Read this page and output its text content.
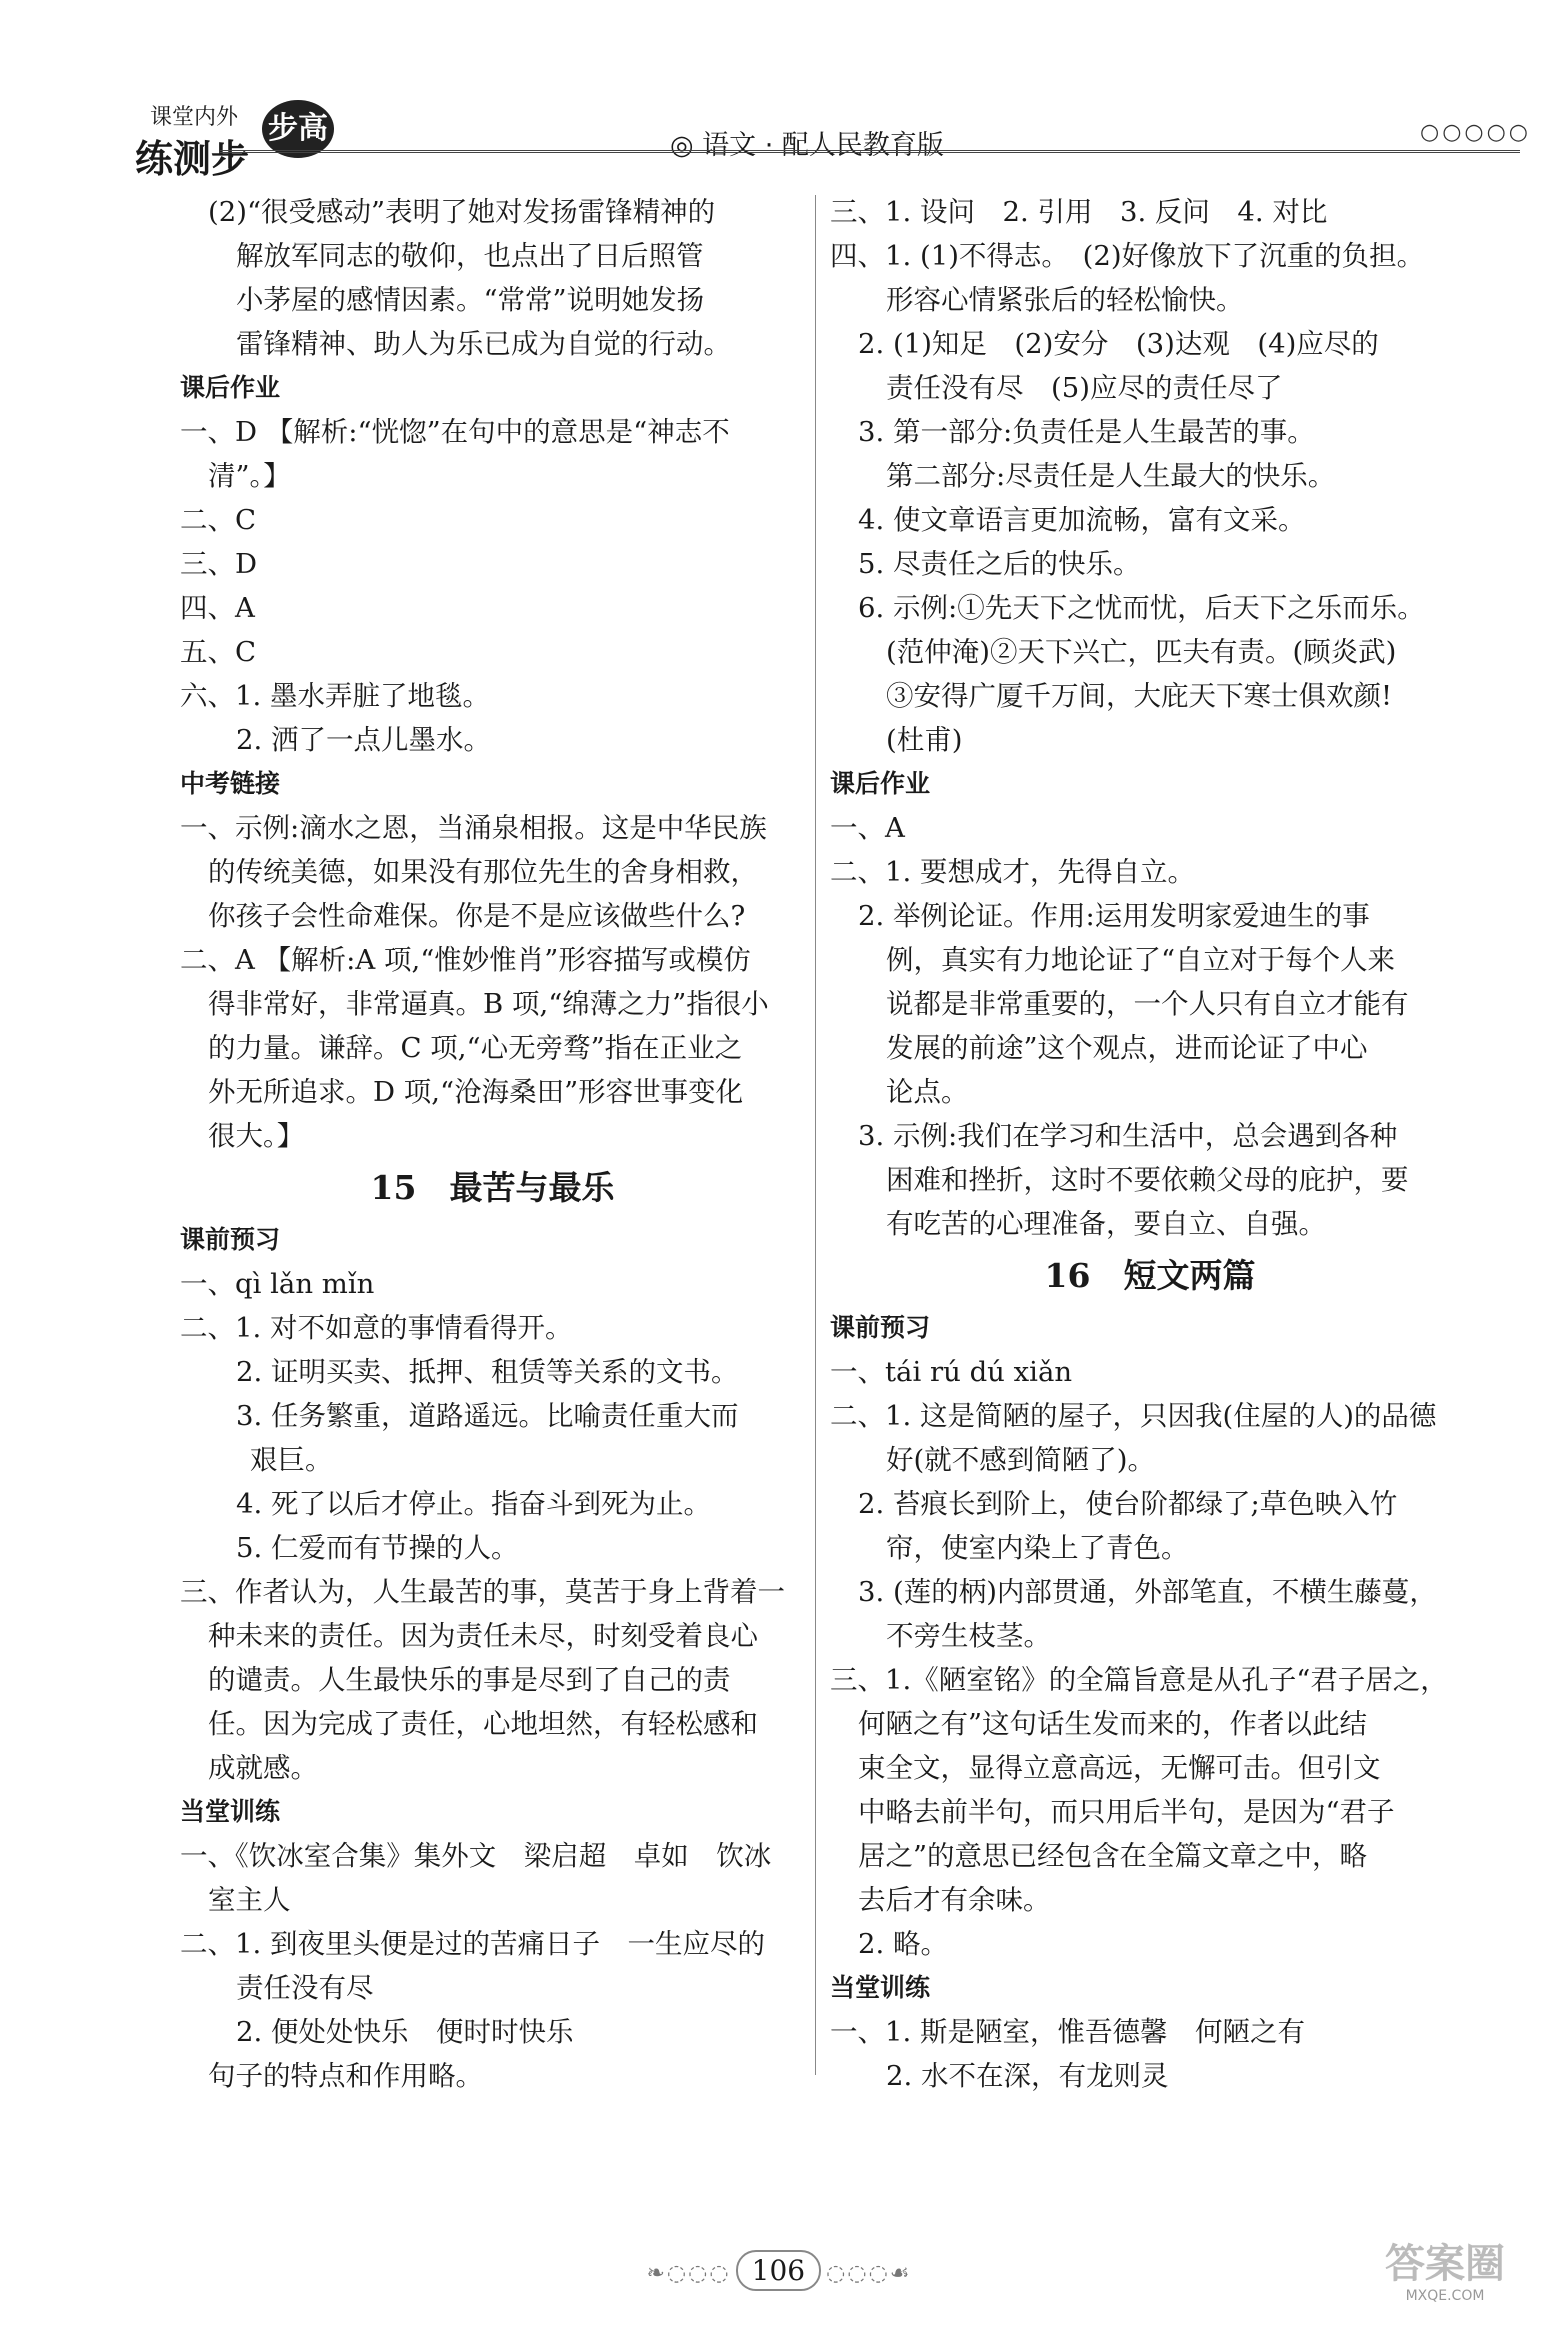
课堂内外
练测步
步高	◎ 语文 · 配人民教育版	○○○○○
(2)“很受感动”表明了她对发扬雷锋精神的
解放军同志的敬仰，也点出了日后照管
小茅屋的感情因素。“常常”说明她发扬
雷锋精神、助人为乐已成为自觉的行动。
课后作业
一、D 【解析:“恍惚”在句中的意思是“神志不
清”。】
二、C
三、D
四、A
五、C
六、1. 墨水弄脏了地毯。
2. 洒了一点儿墨水。
中考链接
一、示例:滴水之恩，当涌泉相报。这是中华民族
的传统美德，如果没有那位先生的舍身相救，
你孩子会性命难保。你是不是应该做些什么?
二、A 【解析:A 项,“惟妙惟肖”形容描写或模仿
得非常好，非常逼真。B 项,“绵薄之力”指很小
的力量。谦辞。C 项,“心无旁骛”指在正业之
外无所追求。D 项,“沧海桑田”形容世事变化
很大。】
15　最苦与最乐
课前预习
一、qì lǎn mǐn
二、1. 对不如意的事情看得开。
2. 证明买卖、抵押、租赁等关系的文书。
3. 任务繁重，道路遥远。比喻责任重大而
艰巨。
4. 死了以后才停止。指奋斗到死为止。
5. 仁爱而有节操的人。
三、作者认为，人生最苦的事，莫苦于身上背着一
种未来的责任。因为责任未尽，时刻受着良心
的谴责。人生最快乐的事是尽到了自己的责
任。因为完成了责任，心地坦然，有轻松感和
成就感。
当堂训练
一、《饮冰室合集》集外文　梁启超　卓如　饮冰
室主人
二、1. 到夜里头便是过的苦痛日子　一生应尽的
责任没有尽
2. 便处处快乐　便时时快乐
句子的特点和作用略。
三、1. 设问　2. 引用　3. 反问　4. 对比
四、1. (1)不得志。　(2)好像放下了沉重的负担。
形容心情紧张后的轻松愉快。
2. (1)知足　(2)安分　(3)达观　(4)应尽的
责任没有尽　(5)应尽的责任尽了
3. 第一部分:负责任是人生最苦的事。
第二部分:尽责任是人生最大的快乐。
4. 使文章语言更加流畅，富有文采。
5. 尽责任之后的快乐。
6. 示例:①先天下之忧而忧，后天下之乐而乐。
(范仲淹)②天下兴亡，匹夫有责。(顾炎武)
③安得广厦千万间，大庇天下寒士俱欢颜!
(杜甫)
课后作业
一、A
二、1. 要想成才，先得自立。
2. 举例论证。作用:运用发明家爱迪生的事
例，真实有力地论证了“自立对于每个人来
说都是非常重要的，一个人只有自立才能有
发展的前途”这个观点，进而论证了中心
论点。
3. 示例:我们在学习和生活中，总会遇到各种
困难和挫折，这时不要依赖父母的庇护，要
有吃苦的心理准备，要自立、自强。
16　短文两篇
课前预习
一、tái rú dú xiǎn
二、1. 这是简陋的屋子，只因我(住屋的人)的品德
好(就不感到简陋了)。
2. 苔痕长到阶上，使台阶都绿了;草色映入竹
帘，使室内染上了青色。
3. (莲的柄)内部贯通，外部笔直，不横生藤蔓，
不旁生枝茎。
三、1.《陋室铭》的全篇旨意是从孔子“君子居之，
何陋之有”这句话生发而来的，作者以此结
束全文，显得立意高远，无懈可击。但引文
中略去前半句，而只用后半句，是因为“君子
居之”的意思已经包含在全篇文章之中，略
去后才有余味。
2. 略。
当堂训练
一、1. 斯是陋室，惟吾德馨　何陋之有
2. 水不在深，有龙则灵
❧◌◌◌ 106 ◌◌◌☙	答案圈
MXQE.COM
